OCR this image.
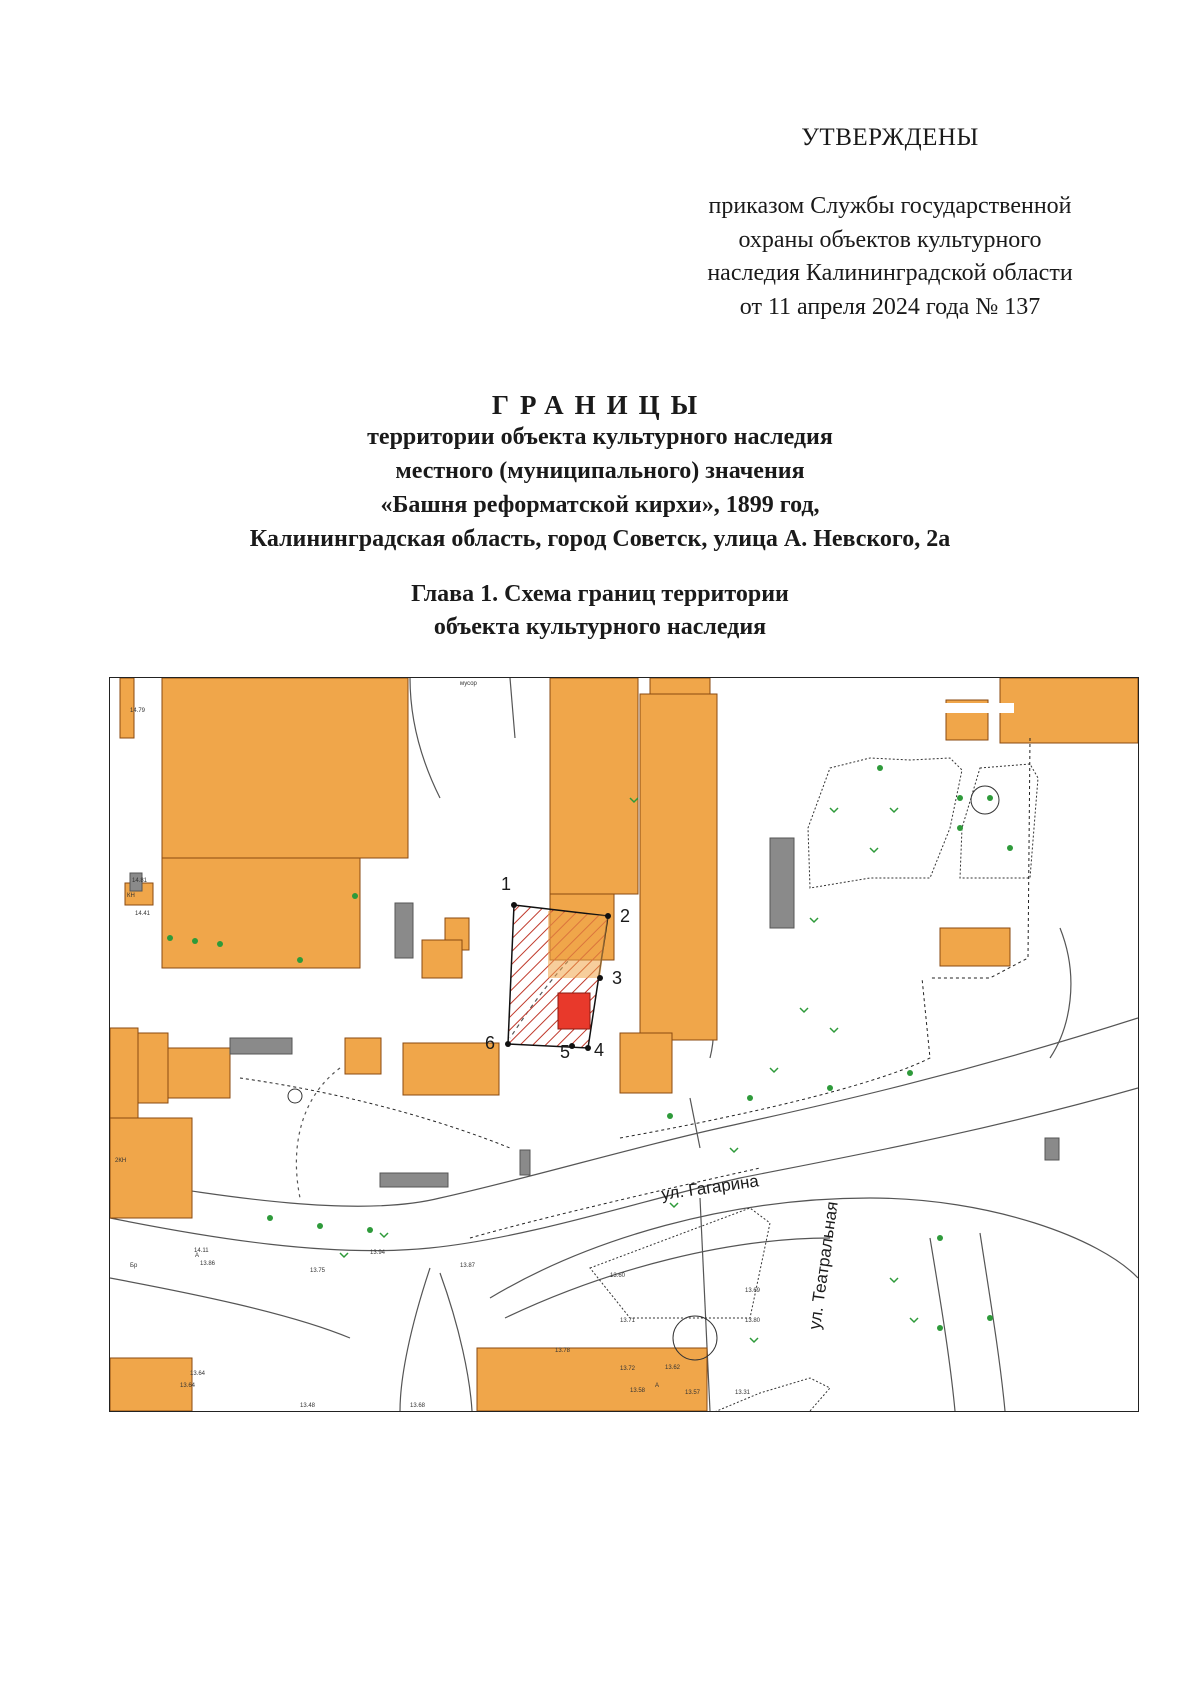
УТВЕРЖДЕНЫ
приказом Службы государственной
охраны объектов культурного
наследия Калининградской области
от 11 апреля 2024 года № 137
ГРАНИЦЫ
территории объекта культурного наследия
местного (муниципального) значения
«Башня реформатской кирхи», 1899 год,
Калининградская область, город Советск, улица А. Невского, 2а
Глава 1. Схема границ территории
объекта культурного наследия
1
2
3
4
5
6
ул. Гагарина
ул. Театральная
мусор
КН
2КН
А
А
Бр
14.79
14.81
14.41
13.64
13.72
13.58	13.57	13.31
13.60
13.69
13.71	13.80
13.75
13.78
13.87
13.94
13.62
13.48	13.68
14.11
13.86
13.64
